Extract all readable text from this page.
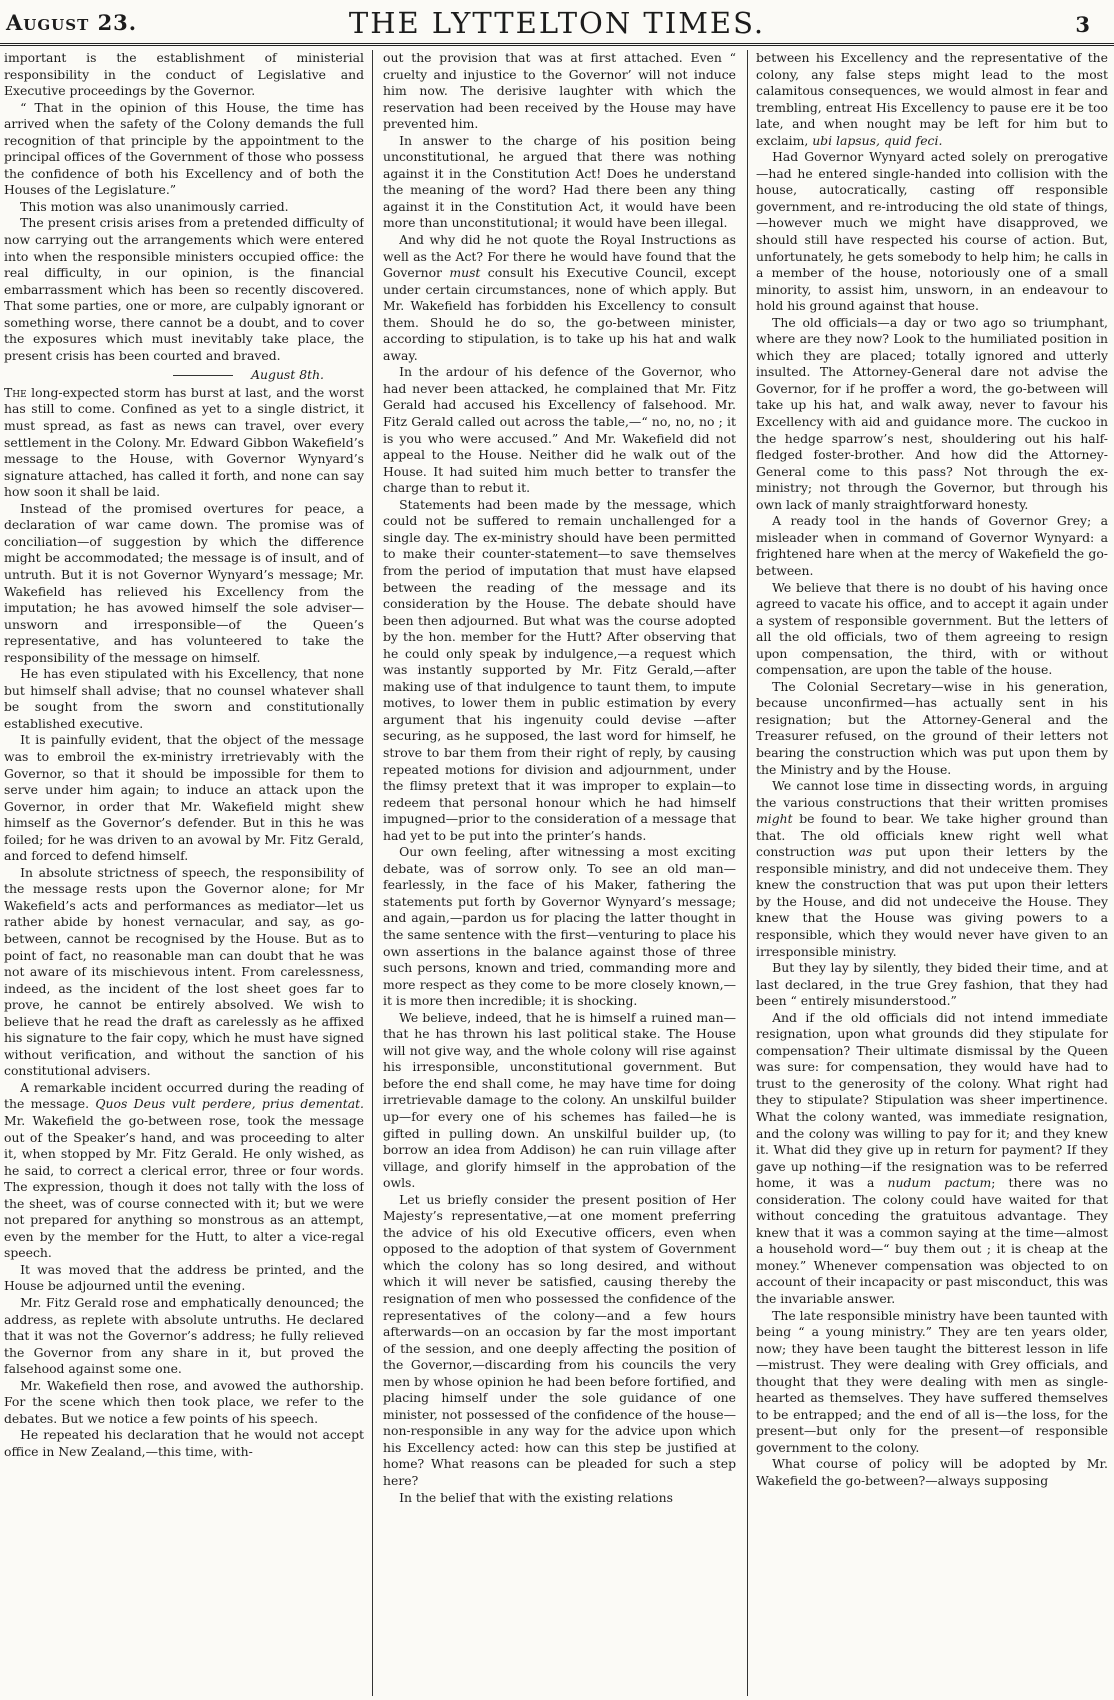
August 23.	THE LYTTELTON TIMES.	3

important is the establishment of ministerial responsibility in the conduct of Legislative and Executive proceedings by the Governor.

“ That in the opinion of this House, the time has arrived when the safety of the Colony demands the full recognition of that principle by the appointment to the principal offices of the Government of those who possess the confidence of both his Excellency and of both the Houses of the Legislature.”

This motion was also unanimously carried.

The present crisis arises from a pretended difficulty of now carrying out the arrangements which were entered into when the responsible ministers occupied office: the real difficulty, in our opinion, is the financial embarrassment which has been so recently discovered. That some parties, one or more, are culpably ignorant or something worse, there cannot be a doubt, and to cover the exposures which must inevitably take place, the present crisis has been courted and braved.

August 8th.

The long-expected storm has burst at last, and the worst has still to come. Confined as yet to a single district, it must spread, as fast as news can travel, over every settlement in the Colony. Mr. Edward Gibbon Wakefield’s message to the House, with Governor Wynyard’s signature attached, has called it forth, and none can say how soon it shall be laid.

Instead of the promised overtures for peace, a declaration of war came down. The promise was of conciliation—of suggestion by which the difference might be accommodated; the message is of insult, and of untruth. But it is not Governor Wynyard’s message; Mr. Wakefield has relieved his Excellency from the imputation; he has avowed himself the sole adviser—unsworn and irresponsible—of the Queen’s representative, and has volunteered to take the responsibility of the message on himself.

He has even stipulated with his Excellency, that none but himself shall advise; that no counsel whatever shall be sought from the sworn and constitutionally established executive.

It is painfully evident, that the object of the message was to embroil the ex-ministry irretrievably with the Governor, so that it should be impossible for them to serve under him again; to induce an attack upon the Governor, in order that Mr. Wakefield might shew himself as the Governor’s defender. But in this he was foiled; for he was driven to an avowal by Mr. Fitz Gerald, and forced to defend himself.

In absolute strictness of speech, the responsibility of the message rests upon the Governor alone; for Mr Wakefield’s acts and performances as mediator—let us rather abide by honest vernacular, and say, as go-between, cannot be recognised by the House. But as to point of fact, no reasonable man can doubt that he was not aware of its mischievous intent. From carelessness, indeed, as the incident of the lost sheet goes far to prove, he cannot be entirely absolved. We wish to believe that he read the draft as carelessly as he affixed his signature to the fair copy, which he must have signed without verification, and without the sanction of his constitutional advisers.

A remarkable incident occurred during the reading of the message. Quos Deus vult perdere, prius dementat. Mr. Wakefield the go-between rose, took the message out of the Speaker’s hand, and was proceeding to alter it, when stopped by Mr. Fitz Gerald. He only wished, as he said, to correct a clerical error, three or four words. The expression, though it does not tally with the loss of the sheet, was of course connected with it; but we were not prepared for anything so monstrous as an attempt, even by the member for the Hutt, to alter a vice-regal speech.

It was moved that the address be printed, and the House be adjourned until the evening.

Mr. Fitz Gerald rose and emphatically denounced; the address, as replete with absolute untruths. He declared that it was not the Governor’s address; he fully relieved the Governor from any share in it, but proved the falsehood against some one.

Mr. Wakefield then rose, and avowed the authorship. For the scene which then took place, we refer to the debates. But we notice a few points of his speech.

He repeated his declaration that he would not accept office in New Zealand,—this time, with-

out the provision that was at first attached. Even “ cruelty and injustice to the Governor’ will not induce him now. The derisive laughter with which the reservation had been received by the House may have prevented him.

In answer to the charge of his position being unconstitutional, he argued that there was nothing against it in the Constitution Act! Does he understand the meaning of the word? Had there been any thing against it in the Constitution Act, it would have been more than unconstitutional; it would have been illegal.

And why did he not quote the Royal Instructions as well as the Act? For there he would have found that the Governor must consult his Executive Council, except under certain circumstances, none of which apply. But Mr. Wakefield has forbidden his Excellency to consult them. Should he do so, the go-between minister, according to stipulation, is to take up his hat and walk away.

In the ardour of his defence of the Governor, who had never been attacked, he complained that Mr. Fitz Gerald had accused his Excellency of falsehood. Mr. Fitz Gerald called out across the table,—“ no, no, no ; it is you who were accused.” And Mr. Wakefield did not appeal to the House. Neither did he walk out of the House. It had suited him much better to transfer the charge than to rebut it.

Statements had been made by the message, which could not be suffered to remain unchallenged for a single day. The ex-ministry should have been permitted to make their counter-statement—to save themselves from the period of imputation that must have elapsed between the reading of the message and its consideration by the House. The debate should have been then adjourned. But what was the course adopted by the hon. member for the Hutt? After observing that he could only speak by indulgence,—a request which was instantly supported by Mr. Fitz Gerald,—after making use of that indulgence to taunt them, to impute motives, to lower them in public estimation by every argument that his ingenuity could devise —after securing, as he supposed, the last word for himself, he strove to bar them from their right of reply, by causing repeated motions for division and adjournment, under the flimsy pretext that it was improper to explain—to redeem that personal honour which he had himself impugned—prior to the consideration of a message that had yet to be put into the printer’s hands.

Our own feeling, after witnessing a most exciting debate, was of sorrow only. To see an old man—fearlessly, in the face of his Maker, fathering the statements put forth by Governor Wynyard’s message; and again,—pardon us for placing the latter thought in the same sentence with the first—venturing to place his own assertions in the balance against those of three such persons, known and tried, commanding more and more respect as they come to be more closely known,—it is more then incredible; it is shocking.

We believe, indeed, that he is himself a ruined man—that he has thrown his last political stake. The House will not give way, and the whole colony will rise against his irresponsible, unconstitutional government. But before the end shall come, he may have time for doing irretrievable damage to the colony. An unskilful builder up—for every one of his schemes has failed—he is gifted in pulling down. An unskilful builder up, (to borrow an idea from Addison) he can ruin village after village, and glorify himself in the approbation of the owls.

Let us briefly consider the present position of Her Majesty’s representative,—at one moment preferring the advice of his old Executive officers, even when opposed to the adoption of that system of Government which the colony has so long desired, and without which it will never be satisfied, causing thereby the resignation of men who possessed the confidence of the representatives of the colony—and a few hours afterwards—on an occasion by far the most important of the session, and one deeply affecting the position of the Governor,—discarding from his councils the very men by whose opinion he had been before fortified, and placing himself under the sole guidance of one minister, not possessed of the confidence of the house—non-responsible in any way for the advice upon which his Excellency acted: how can this step be justified at home? What reasons can be pleaded for such a step here?

In the belief that with the existing relations

between his Excellency and the representative of the colony, any false steps might lead to the most calamitous consequences, we would almost in fear and trembling, entreat His Excellency to pause ere it be too late, and when nought may be left for him but to exclaim, ubi lapsus, quid feci.

Had Governor Wynyard acted solely on prerogative—had he entered single-handed into collision with the house, autocratically, casting off responsible government, and re-introducing the old state of things,—however much we might have disapproved, we should still have respected his course of action. But, unfortunately, he gets somebody to help him; he calls in a member of the house, notoriously one of a small minority, to assist him, unsworn, in an endeavour to hold his ground against that house.

The old officials—a day or two ago so triumphant, where are they now? Look to the humiliated position in which they are placed; totally ignored and utterly insulted. The Attorney-General dare not advise the Governor, for if he proffer a word, the go-between will take up his hat, and walk away, never to favour his Excellency with aid and guidance more. The cuckoo in the hedge sparrow’s nest, shouldering out his half-fledged foster-brother. And how did the Attorney-General come to this pass? Not through the ex-ministry; not through the Governor, but through his own lack of manly straightforward honesty.

A ready tool in the hands of Governor Grey; a misleader when in command of Governor Wynyard: a frightened hare when at the mercy of Wakefield the go-between.

We believe that there is no doubt of his having once agreed to vacate his office, and to accept it again under a system of responsible government. But the letters of all the old officials, two of them agreeing to resign upon compensation, the third, with or without compensation, are upon the table of the house.

The Colonial Secretary—wise in his generation, because unconfirmed—has actually sent in his resignation; but the Attorney-General and the Treasurer refused, on the ground of their letters not bearing the construction which was put upon them by the Ministry and by the House.

We cannot lose time in dissecting words, in arguing the various constructions that their written promises might be found to bear. We take higher ground than that. The old officials knew right well what construction was put upon their letters by the responsible ministry, and did not undeceive them. They knew the construction that was put upon their letters by the House, and did not undeceive the House. They knew that the House was giving powers to a responsible, which they would never have given to an irresponsible ministry.

But they lay by silently, they bided their time, and at last declared, in the true Grey fashion, that they had been “ entirely misunderstood.”

And if the old officials did not intend immediate resignation, upon what grounds did they stipulate for compensation? Their ultimate dismissal by the Queen was sure: for compensation, they would have had to trust to the generosity of the colony. What right had they to stipulate? Stipulation was sheer impertinence. What the colony wanted, was immediate resignation, and the colony was willing to pay for it; and they knew it. What did they give up in return for payment? If they gave up nothing—if the resignation was to be referred home, it was a nudum pactum; there was no consideration. The colony could have waited for that without conceding the gratuitous advantage. They knew that it was a common saying at the time—almost a household word—“ buy them out ; it is cheap at the money.” Whenever compensation was objected to on account of their incapacity or past misconduct, this was the invariable answer.

The late responsible ministry have been taunted with being “ a young ministry.” They are ten years older, now; they have been taught the bitterest lesson in life—mistrust. They were dealing with Grey officials, and thought that they were dealing with men as single-hearted as themselves. They have suffered themselves to be entrapped; and the end of all is—the loss, for the present—but only for the present—of responsible government to the colony.

What course of policy will be adopted by Mr. Wakefield the go-between?—always supposing
